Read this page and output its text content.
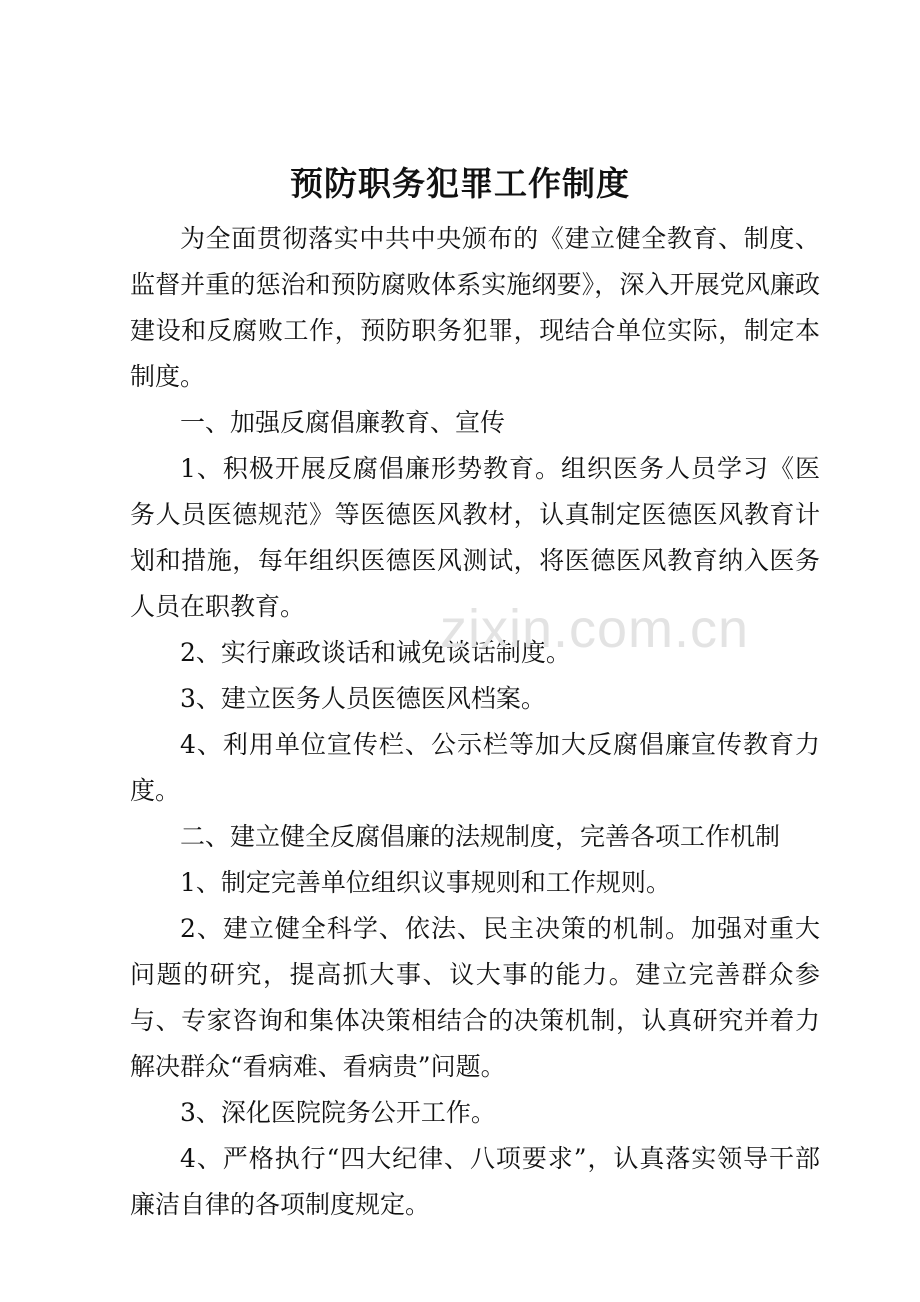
预防职务犯罪工作制度

为全面贯彻落实中共中央颁布的《建立健全教育、制度、监督并重的惩治和预防腐败体系实施纲要》，深入开展党风廉政建设和反腐败工作，预防职务犯罪，现结合单位实际，制定本制度。

一、加强反腐倡廉教育、宣传

1、积极开展反腐倡廉形势教育。组织医务人员学习《医务人员医德规范》等医德医风教材，认真制定医德医风教育计划和措施，每年组织医德医风测试，将医德医风教育纳入医务人员在职教育。

2、实行廉政谈话和诫免谈话制度。

3、建立医务人员医德医风档案。

4、利用单位宣传栏、公示栏等加大反腐倡廉宣传教育力度。

二、建立健全反腐倡廉的法规制度，完善各项工作机制

1、制定完善单位组织议事规则和工作规则。

2、建立健全科学、依法、民主决策的机制。加强对重大问题的研究，提高抓大事、议大事的能力。建立完善群众参与、专家咨询和集体决策相结合的决策机制，认真研究并着力解决群众“看病难、看病贵”问题。

3、深化医院院务公开工作。

4、严格执行“四大纪律、八项要求”，认真落实领导干部廉洁自律的各项制度规定。

zixin.com.cn
